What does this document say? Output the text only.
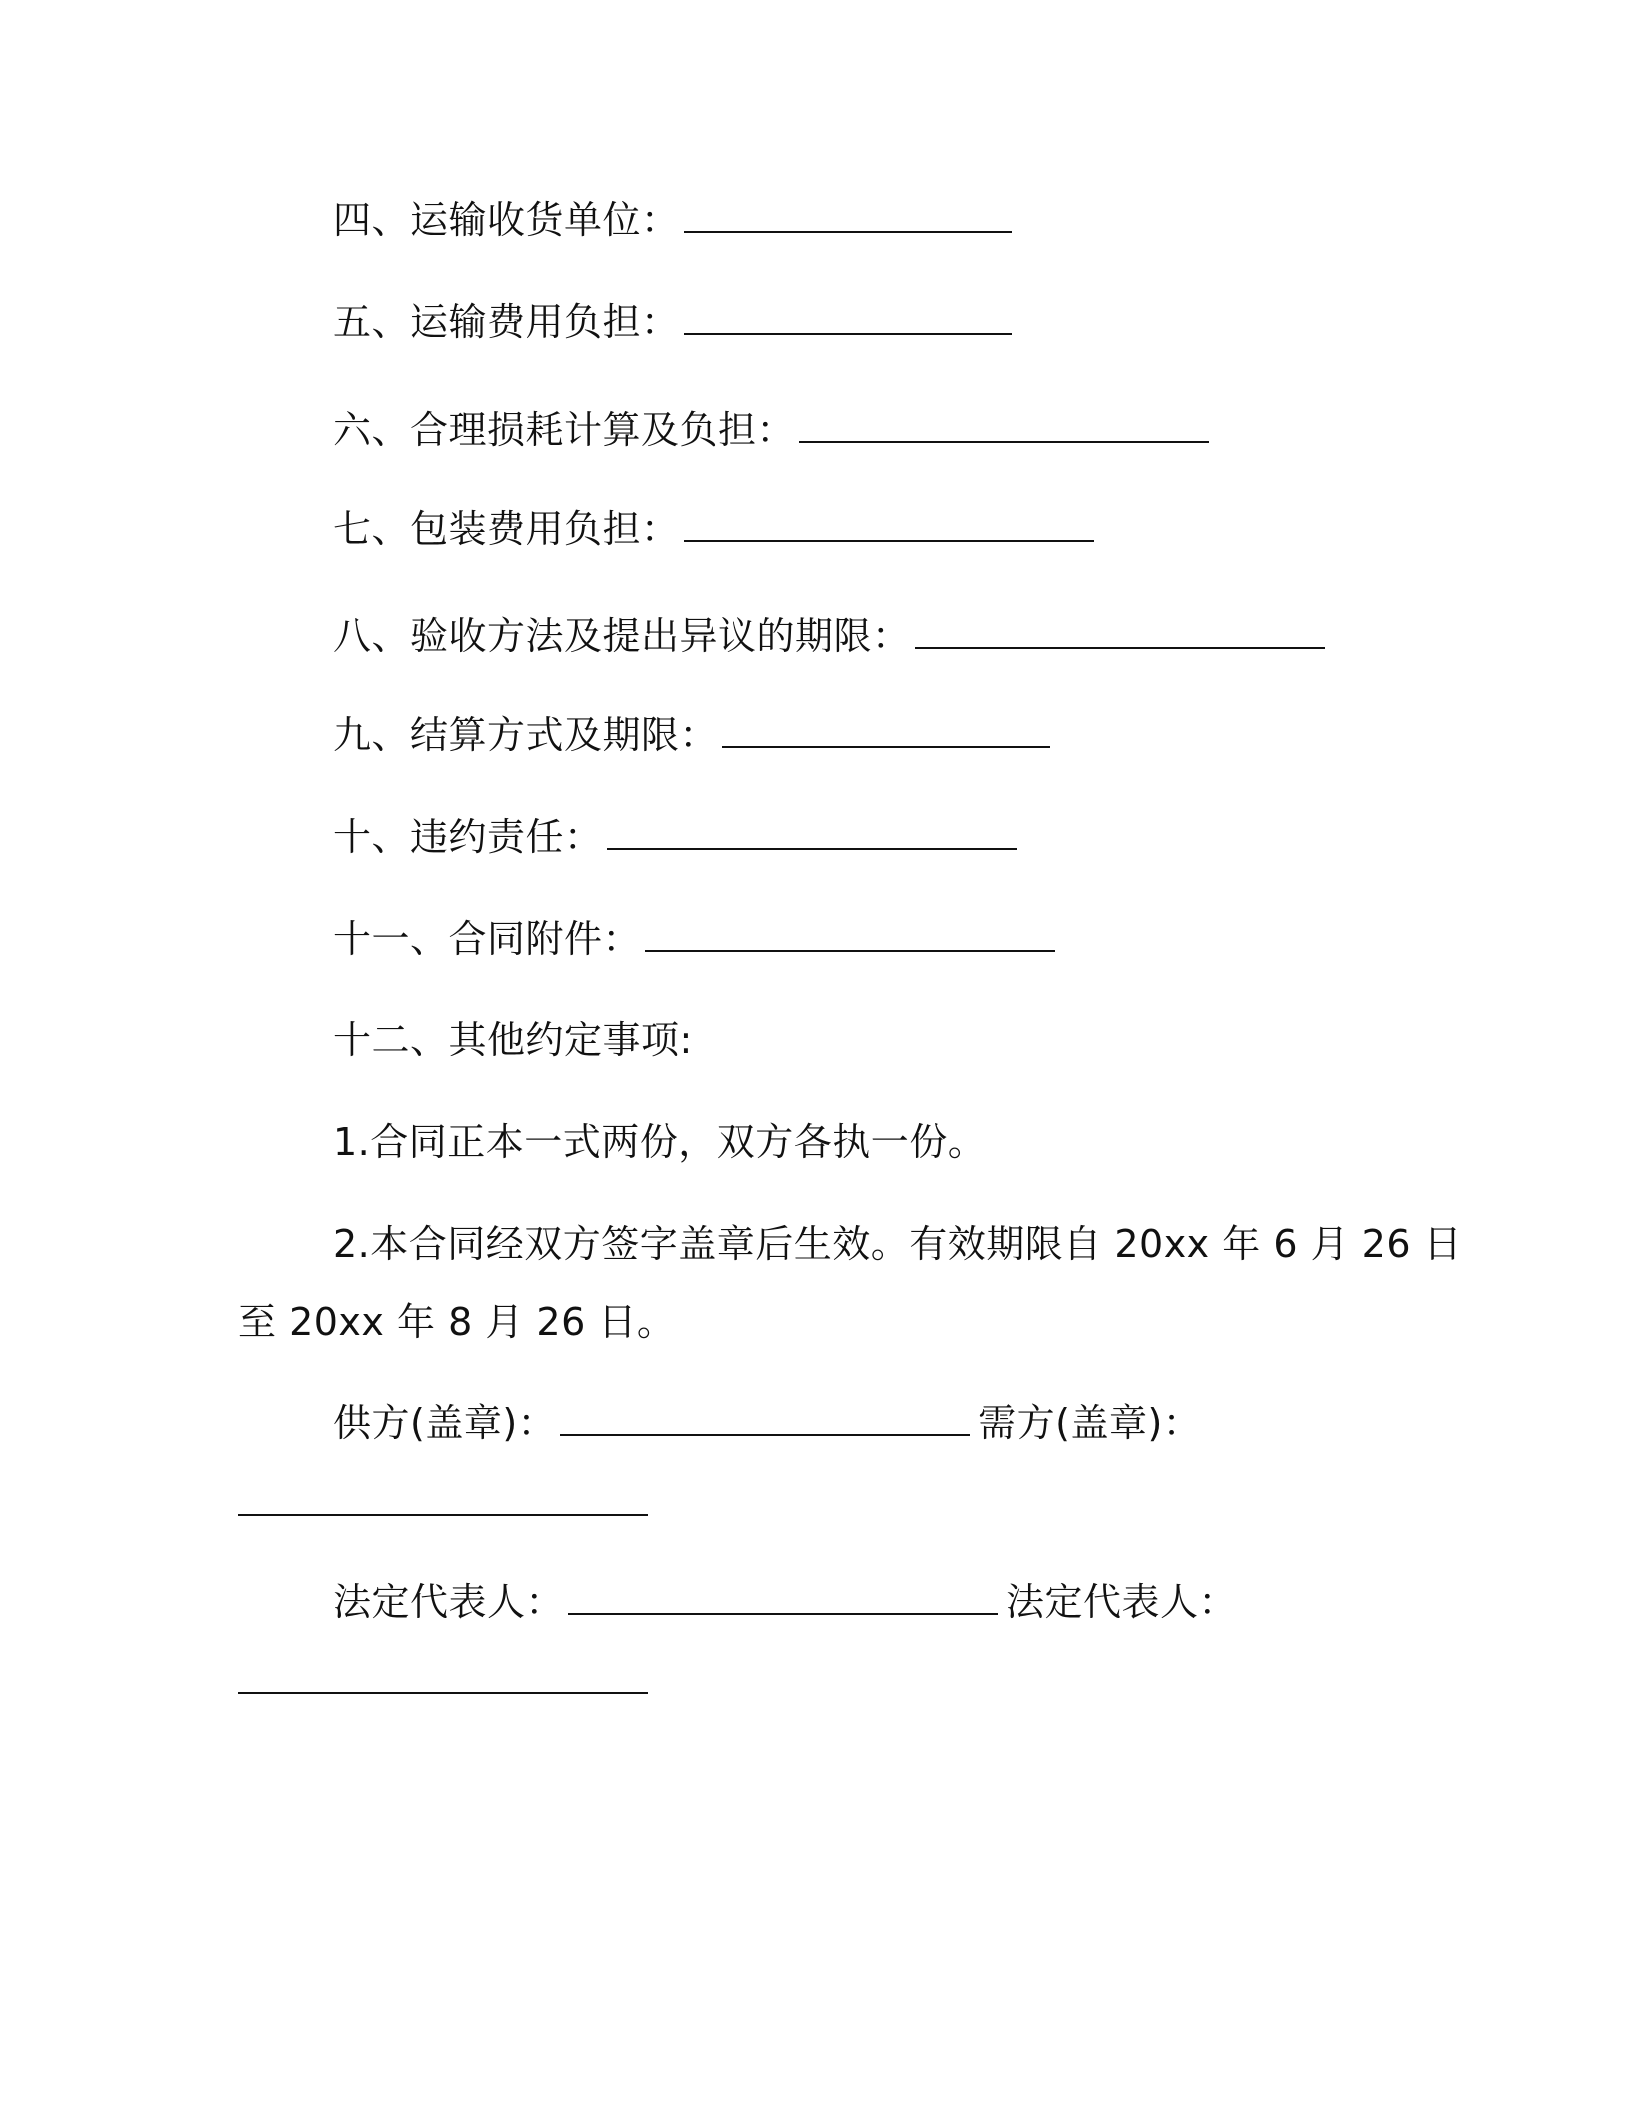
四、运输收货单位：
五、运输费用负担：
六、合理损耗计算及负担：
七、包装费用负担：
八、验收方法及提出异议的期限：
九、结算方式及期限：
十、违约责任：
十一、合同附件：
十二、其他约定事项:
1.合同正本一式两份，双方各执一份。
2.本合同经双方签字盖章后生效。有效期限自 20xx 年 6 月 26 日
至 20xx 年 8 月 26 日。
供方(盖章)：	需方(盖章)：
法定代表人：	法定代表人：
